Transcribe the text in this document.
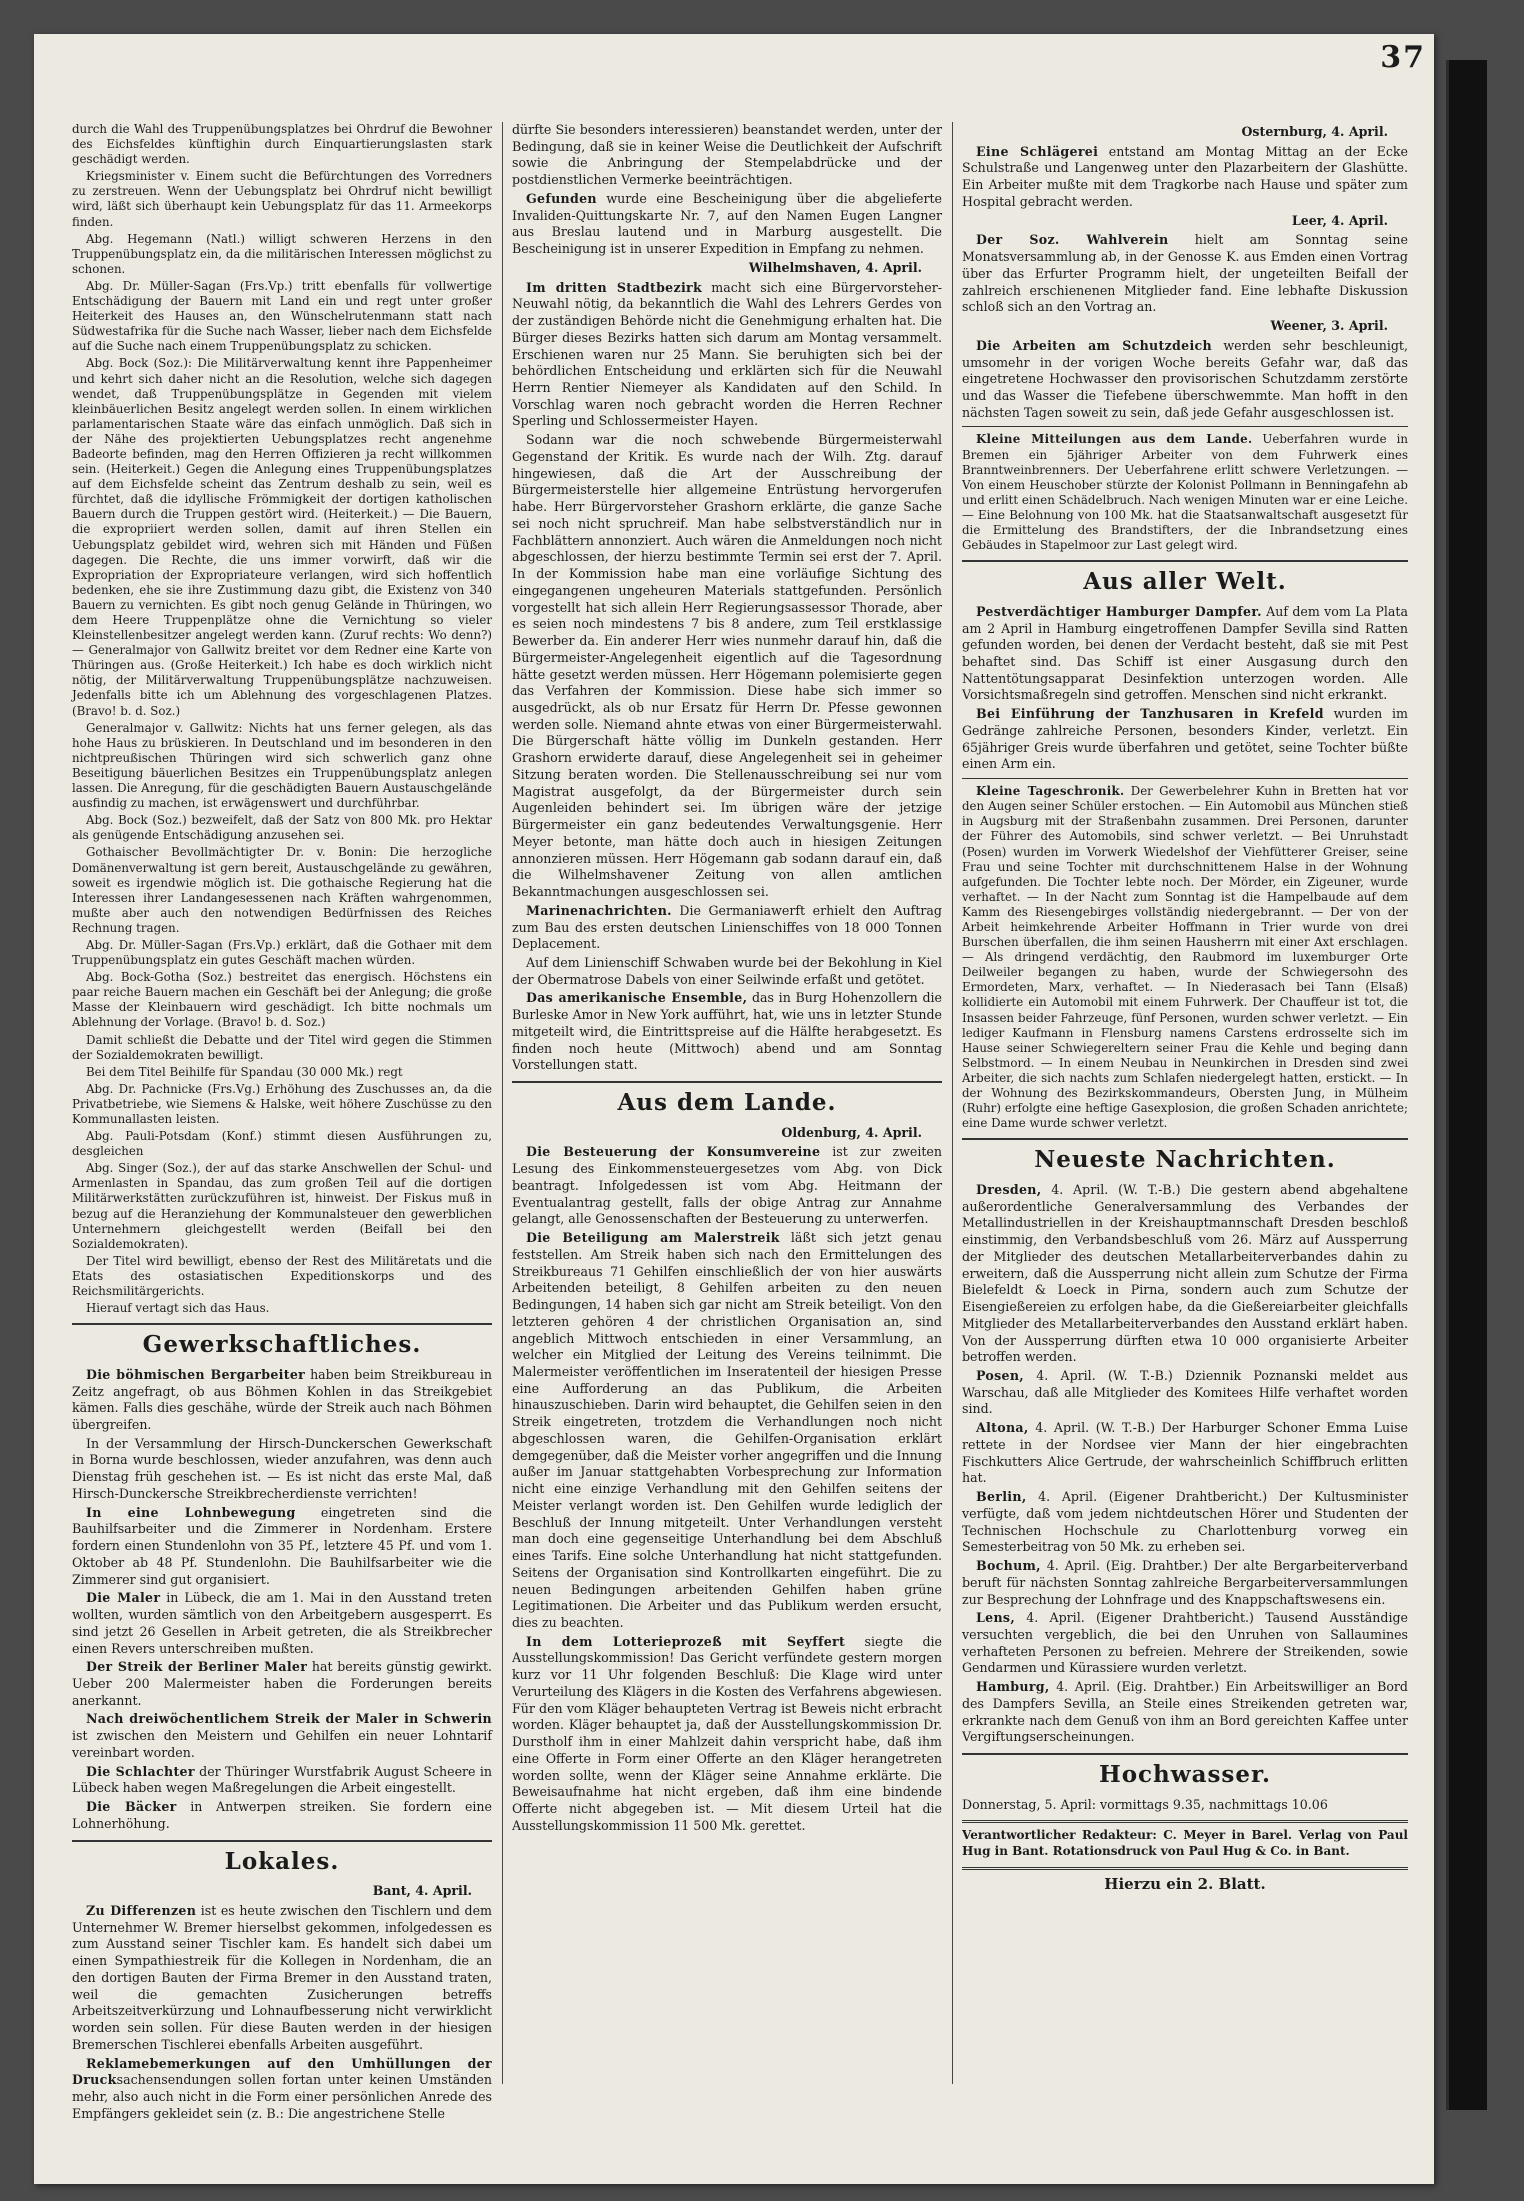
37

durch die Wahl des Truppenübungsplatzes bei Ohrdruf die Bewohner des Eichsfeldes künftighin durch Einquartierungslasten stark geschädigt werden.

Kriegsminister v. Einem sucht die Befürchtungen des Vorredners zu zerstreuen. Wenn der Uebungsplatz bei Ohrdruf nicht bewilligt wird, läßt sich überhaupt kein Uebungsplatz für das 11. Armeekorps finden.

Abg. Hegemann (Natl.) willigt schweren Herzens in den Truppenübungsplatz ein, da die militärischen Interessen möglichst zu schonen.

Abg. Dr. Müller-Sagan (Frs.Vp.) tritt ebenfalls für vollwertige Entschädigung der Bauern mit Land ein und regt unter großer Heiterkeit des Hauses an, den Wünschelrutenmann statt nach Südwestafrika für die Suche nach Wasser, lieber nach dem Eichsfelde auf die Suche nach einem Truppenübungsplatz zu schicken.

Abg. Bock (Soz.): Die Militärverwaltung kennt ihre Pappenheimer und kehrt sich daher nicht an die Resolution, welche sich dagegen wendet, daß Truppenübungsplätze in Gegenden mit vielem kleinbäuerlichen Besitz angelegt werden sollen. In einem wirklichen parlamentarischen Staate wäre das einfach unmöglich. Daß sich in der Nähe des projektierten Uebungsplatzes recht angenehme Badeorte befinden, mag den Herren Offizieren ja recht willkommen sein. (Heiterkeit.) Gegen die Anlegung eines Truppenübungsplatzes auf dem Eichsfelde scheint das Zentrum deshalb zu sein, weil es fürchtet, daß die idyllische Frömmigkeit der dortigen katholischen Bauern durch die Truppen gestört wird. (Heiterkeit.) — Die Bauern, die expropriiert werden sollen, damit auf ihren Stellen ein Uebungsplatz gebildet wird, wehren sich mit Händen und Füßen dagegen. Die Rechte, die uns immer vorwirft, daß wir die Expropriation der Expropriateure verlangen, wird sich hoffentlich bedenken, ehe sie ihre Zustimmung dazu gibt, die Existenz von 340 Bauern zu vernichten. Es gibt noch genug Gelände in Thüringen, wo dem Heere Truppenplätze ohne die Vernichtung so vieler Kleinstellenbesitzer angelegt werden kann. (Zuruf rechts: Wo denn?) — Generalmajor von Gallwitz breitet vor dem Redner eine Karte von Thüringen aus. (Große Heiterkeit.) Ich habe es doch wirklich nicht nötig, der Militärverwaltung Truppenübungsplätze nachzuweisen. Jedenfalls bitte ich um Ablehnung des vorgeschlagenen Platzes. (Bravo! b. d. Soz.)

Generalmajor v. Gallwitz: Nichts hat uns ferner gelegen, als das hohe Haus zu brüskieren. In Deutschland und im besonderen in den nichtpreußischen Thüringen wird sich schwerlich ganz ohne Beseitigung bäuerlichen Besitzes ein Truppenübungsplatz anlegen lassen. Die Anregung, für die geschädigten Bauern Austauschgelände ausfindig zu machen, ist erwägenswert und durchführbar.

Abg. Bock (Soz.) bezweifelt, daß der Satz von 800 Mk. pro Hektar als genügende Entschädigung anzusehen sei.

Gothaischer Bevollmächtigter Dr. v. Bonin: Die herzogliche Domänenverwaltung ist gern bereit, Austauschgelände zu gewähren, soweit es irgendwie möglich ist. Die gothaische Regierung hat die Interessen ihrer Landangesessenen nach Kräften wahrgenommen, mußte aber auch den notwendigen Bedürfnissen des Reiches Rechnung tragen.

Abg. Dr. Müller-Sagan (Frs.Vp.) erklärt, daß die Gothaer mit dem Truppenübungsplatz ein gutes Geschäft machen würden.

Abg. Bock-Gotha (Soz.) bestreitet das energisch. Höchstens ein paar reiche Bauern machen ein Geschäft bei der Anlegung; die große Masse der Kleinbauern wird geschädigt. Ich bitte nochmals um Ablehnung der Vorlage. (Bravo! b. d. Soz.)

Damit schließt die Debatte und der Titel wird gegen die Stimmen der Sozialdemokraten bewilligt.

Bei dem Titel Beihilfe für Spandau (30 000 Mk.) regt

Abg. Dr. Pachnicke (Frs.Vg.) Erhöhung des Zuschusses an, da die Privatbetriebe, wie Siemens & Halske, weit höhere Zuschüsse zu den Kommunallasten leisten.

Abg. Pauli-Potsdam (Konf.) stimmt diesen Ausführungen zu, desgleichen

Abg. Singer (Soz.), der auf das starke Anschwellen der Schul- und Armenlasten in Spandau, das zum großen Teil auf die dortigen Militärwerkstätten zurückzuführen ist, hinweist. Der Fiskus muß in bezug auf die Heranziehung der Kommunalsteuer den gewerblichen Unternehmern gleichgestellt werden (Beifall bei den Sozialdemokraten).

Der Titel wird bewilligt, ebenso der Rest des Militäretats und die Etats des ostasiatischen Expeditionskorps und des Reichsmilitärgerichts.

Hierauf vertagt sich das Haus.

Gewerkschaftliches.

Die böhmischen Bergarbeiter haben beim Streikbureau in Zeitz angefragt, ob aus Böhmen Kohlen in das Streikgebiet kämen. Falls dies geschähe, würde der Streik auch nach Böhmen übergreifen.

In der Versammlung der Hirsch-Dunckerschen Gewerkschaft in Borna wurde beschlossen, wieder anzufahren, was denn auch Dienstag früh geschehen ist. — Es ist nicht das erste Mal, daß Hirsch-Dunckersche Streikbrecherdienste verrichten!

In eine Lohnbewegung eingetreten sind die Bauhilfsarbeiter und die Zimmerer in Nordenham. Erstere fordern einen Stundenlohn von 35 Pf., letztere 45 Pf. und vom 1. Oktober ab 48 Pf. Stundenlohn. Die Bauhilfsarbeiter wie die Zimmerer sind gut organisiert.

Die Maler in Lübeck, die am 1. Mai in den Ausstand treten wollten, wurden sämtlich von den Arbeitgebern ausgesperrt. Es sind jetzt 26 Gesellen in Arbeit getreten, die als Streikbrecher einen Revers unterschreiben mußten.

Der Streik der Berliner Maler hat bereits günstig gewirkt. Ueber 200 Malermeister haben die Forderungen bereits anerkannt.

Nach dreiwöchentlichem Streik der Maler in Schwerin ist zwischen den Meistern und Gehilfen ein neuer Lohntarif vereinbart worden.

Die Schlachter der Thüringer Wurstfabrik August Scheere in Lübeck haben wegen Maßregelungen die Arbeit eingestellt.

Die Bäcker in Antwerpen streiken. Sie fordern eine Lohnerhöhung.

Lokales.

Bant, 4. April.

Zu Differenzen ist es heute zwischen den Tischlern und dem Unternehmer W. Bremer hierselbst gekommen, infolgedessen es zum Ausstand seiner Tischler kam. Es handelt sich dabei um einen Sympathiestreik für die Kollegen in Nordenham, die an den dortigen Bauten der Firma Bremer in den Ausstand traten, weil die gemachten Zusicherungen betreffs Arbeitszeitverkürzung und Lohnaufbesserung nicht verwirklicht worden sein sollen. Für diese Bauten werden in der hiesigen Bremerschen Tischlerei ebenfalls Arbeiten ausgeführt.

Reklamebemerkungen auf den Umhüllungen der Drucksachensendungen sollen fortan unter keinen Umständen mehr, also auch nicht in die Form einer persönlichen Anrede des Empfängers gekleidet sein (z. B.: Die angestrichene Stelle

dürfte Sie besonders interessieren) beanstandet werden, unter der Bedingung, daß sie in keiner Weise die Deutlichkeit der Aufschrift sowie die Anbringung der Stempelabdrücke und der postdienstlichen Vermerke beeinträchtigen.

Gefunden wurde eine Bescheinigung über die abgelieferte Invaliden-Quittungskarte Nr. 7, auf den Namen Eugen Langner aus Breslau lautend und in Marburg ausgestellt. Die Bescheinigung ist in unserer Expedition in Empfang zu nehmen.

Wilhelmshaven, 4. April.

Im dritten Stadtbezirk macht sich eine Bürgervorsteher-Neuwahl nötig, da bekanntlich die Wahl des Lehrers Gerdes von der zuständigen Behörde nicht die Genehmigung erhalten hat. Die Bürger dieses Bezirks hatten sich darum am Montag versammelt. Erschienen waren nur 25 Mann. Sie beruhigten sich bei der behördlichen Entscheidung und erklärten sich für die Neuwahl Herrn Rentier Niemeyer als Kandidaten auf den Schild. In Vorschlag waren noch gebracht worden die Herren Rechner Sperling und Schlossermeister Hayen.

Sodann war die noch schwebende Bürgermeisterwahl Gegenstand der Kritik. Es wurde nach der Wilh. Ztg. darauf hingewiesen, daß die Art der Ausschreibung der Bürgermeisterstelle hier allgemeine Entrüstung hervorgerufen habe. Herr Bürgervorsteher Grashorn erklärte, die ganze Sache sei noch nicht spruchreif. Man habe selbstverständlich nur in Fachblättern annonziert. Auch wären die Anmeldungen noch nicht abgeschlossen, der hierzu bestimmte Termin sei erst der 7. April. In der Kommission habe man eine vorläufige Sichtung des eingegangenen ungeheuren Materials stattgefunden. Persönlich vorgestellt hat sich allein Herr Regierungsassessor Thorade, aber es seien noch mindestens 7 bis 8 andere, zum Teil erstklassige Bewerber da. Ein anderer Herr wies nunmehr darauf hin, daß die Bürgermeister-Angelegenheit eigentlich auf die Tagesordnung hätte gesetzt werden müssen. Herr Högemann polemisierte gegen das Verfahren der Kommission. Diese habe sich immer so ausgedrückt, als ob nur Ersatz für Herrn Dr. Pfesse gewonnen werden solle. Niemand ahnte etwas von einer Bürgermeisterwahl. Die Bürgerschaft hätte völlig im Dunkeln gestanden. Herr Grashorn erwiderte darauf, diese Angelegenheit sei in geheimer Sitzung beraten worden. Die Stellenausschreibung sei nur vom Magistrat ausgefolgt, da der Bürgermeister durch sein Augenleiden behindert sei. Im übrigen wäre der jetzige Bürgermeister ein ganz bedeutendes Verwaltungsgenie. Herr Meyer betonte, man hätte doch auch in hiesigen Zeitungen annonzieren müssen. Herr Högemann gab sodann darauf ein, daß die Wilhelmshavener Zeitung von allen amtlichen Bekanntmachungen ausgeschlossen sei.

Marinenachrichten. Die Germaniawerft erhielt den Auftrag zum Bau des ersten deutschen Linienschiffes von 18 000 Tonnen Deplacement.

Auf dem Linienschiff Schwaben wurde bei der Bekohlung in Kiel der Obermatrose Dabels von einer Seilwinde erfaßt und getötet.

Das amerikanische Ensemble, das in Burg Hohenzollern die Burleske Amor in New York aufführt, hat, wie uns in letzter Stunde mitgeteilt wird, die Eintrittspreise auf die Hälfte herabgesetzt. Es finden noch heute (Mittwoch) abend und am Sonntag Vorstellungen statt.

Aus dem Lande.

Oldenburg, 4. April.

Die Besteuerung der Konsumvereine ist zur zweiten Lesung des Einkommensteuergesetzes vom Abg. von Dick beantragt. Infolgedessen ist vom Abg. Heitmann der Eventualantrag gestellt, falls der obige Antrag zur Annahme gelangt, alle Genossenschaften der Besteuerung zu unterwerfen.

Die Beteiligung am Malerstreik läßt sich jetzt genau feststellen. Am Streik haben sich nach den Ermittelungen des Streikbureaus 71 Gehilfen einschließlich der von hier auswärts Arbeitenden beteiligt, 8 Gehilfen arbeiten zu den neuen Bedingungen, 14 haben sich gar nicht am Streik beteiligt. Von den letzteren gehören 4 der christlichen Organisation an, sind angeblich Mittwoch entschieden in einer Versammlung, an welcher ein Mitglied der Leitung des Vereins teilnimmt. Die Malermeister veröffentlichen im Inseratenteil der hiesigen Presse eine Aufforderung an das Publikum, die Arbeiten hinauszuschieben. Darin wird behauptet, die Gehilfen seien in den Streik eingetreten, trotzdem die Verhandlungen noch nicht abgeschlossen waren, die Gehilfen-Organisation erklärt demgegenüber, daß die Meister vorher angegriffen und die Innung außer im Januar stattgehabten Vorbesprechung zur Information nicht eine einzige Verhandlung mit den Gehilfen seitens der Meister verlangt worden ist. Den Gehilfen wurde lediglich der Beschluß der Innung mitgeteilt. Unter Verhandlungen versteht man doch eine gegenseitige Unterhandlung bei dem Abschluß eines Tarifs. Eine solche Unterhandlung hat nicht stattgefunden. Seitens der Organisation sind Kontrollkarten eingeführt. Die zu neuen Bedingungen arbeitenden Gehilfen haben grüne Legitimationen. Die Arbeiter und das Publikum werden ersucht, dies zu beachten.

In dem Lotterieprozeß mit Seyffert siegte die Ausstellungskommission! Das Gericht verfündete gestern morgen kurz vor 11 Uhr folgenden Beschluß: Die Klage wird unter Verurteilung des Klägers in die Kosten des Verfahrens abgewiesen. Für den vom Kläger behaupteten Vertrag ist Beweis nicht erbracht worden. Kläger behauptet ja, daß der Ausstellungskommission Dr. Durstholf ihm in einer Mahlzeit dahin verspricht habe, daß ihm eine Offerte in Form einer Offerte an den Kläger herangetreten worden sollte, wenn der Kläger seine Annahme erklärte. Die Beweisaufnahme hat nicht ergeben, daß ihm eine bindende Offerte nicht abgegeben ist. — Mit diesem Urteil hat die Ausstellungskommission 11 500 Mk. gerettet.

Osternburg, 4. April.

Eine Schlägerei entstand am Montag Mittag an der Ecke Schulstraße und Langenweg unter den Plazarbeitern der Glashütte. Ein Arbeiter mußte mit dem Tragkorbe nach Hause und später zum Hospital gebracht werden.

Leer, 4. April.

Der Soz. Wahlverein hielt am Sonntag seine Monatsversammlung ab, in der Genosse K. aus Emden einen Vortrag über das Erfurter Programm hielt, der ungeteilten Beifall der zahlreich erschienenen Mitglieder fand. Eine lebhafte Diskussion schloß sich an den Vortrag an.

Weener, 3. April.

Die Arbeiten am Schutzdeich werden sehr beschleunigt, umsomehr in der vorigen Woche bereits Gefahr war, daß das eingetretene Hochwasser den provisorischen Schutzdamm zerstörte und das Wasser die Tiefebene überschwemmte. Man hofft in den nächsten Tagen soweit zu sein, daß jede Gefahr ausgeschlossen ist.

Kleine Mitteilungen aus dem Lande. Ueberfahren wurde in Bremen ein 5jähriger Arbeiter von dem Fuhrwerk eines Branntweinbrenners. Der Ueberfahrene erlitt schwere Verletzungen. — Von einem Heuschober stürzte der Kolonist Pollmann in Benningafehn ab und erlitt einen Schädelbruch. Nach wenigen Minuten war er eine Leiche. — Eine Belohnung von 100 Mk. hat die Staatsanwaltschaft ausgesetzt für die Ermittelung des Brandstifters, der die Inbrandsetzung eines Gebäudes in Stapelmoor zur Last gelegt wird.

Aus aller Welt.

Pestverdächtiger Hamburger Dampfer. Auf dem vom La Plata am 2 April in Hamburg eingetroffenen Dampfer Sevilla sind Ratten gefunden worden, bei denen der Verdacht besteht, daß sie mit Pest behaftet sind. Das Schiff ist einer Ausgasung durch den Nattentötungsapparat Desinfektion unterzogen worden. Alle Vorsichtsmaßregeln sind getroffen. Menschen sind nicht erkrankt.

Bei Einführung der Tanzhusaren in Krefeld wurden im Gedränge zahlreiche Personen, besonders Kinder, verletzt. Ein 65jähriger Greis wurde überfahren und getötet, seine Tochter büßte einen Arm ein.

Kleine Tageschronik. Der Gewerbelehrer Kuhn in Bretten hat vor den Augen seiner Schüler erstochen. — Ein Automobil aus München stieß in Augsburg mit der Straßenbahn zusammen. Drei Personen, darunter der Führer des Automobils, sind schwer verletzt. — Bei Unruhstadt (Posen) wurden im Vorwerk Wiedelshof der Viehfütterer Greiser, seine Frau und seine Tochter mit durchschnittenem Halse in der Wohnung aufgefunden. Die Tochter lebte noch. Der Mörder, ein Zigeuner, wurde verhaftet. — In der Nacht zum Sonntag ist die Hampelbaude auf dem Kamm des Riesengebirges vollständig niedergebrannt. — Der von der Arbeit heimkehrende Arbeiter Hoffmann in Trier wurde von drei Burschen überfallen, die ihm seinen Hausherrn mit einer Axt erschlagen. — Als dringend verdächtig, den Raubmord im luxemburger Orte Deilweiler begangen zu haben, wurde der Schwiegersohn des Ermordeten, Marx, verhaftet. — In Niederasach bei Tann (Elsaß) kollidierte ein Automobil mit einem Fuhrwerk. Der Chauffeur ist tot, die Insassen beider Fahrzeuge, fünf Personen, wurden schwer verletzt. — Ein lediger Kaufmann in Flensburg namens Carstens erdrosselte sich im Hause seiner Schwiegereltern seiner Frau die Kehle und beging dann Selbstmord. — In einem Neubau in Neunkirchen in Dresden sind zwei Arbeiter, die sich nachts zum Schlafen niedergelegt hatten, erstickt. — In der Wohnung des Bezirkskommandeurs, Obersten Jung, in Mülheim (Ruhr) erfolgte eine heftige Gasexplosion, die großen Schaden anrichtete; eine Dame wurde schwer verletzt.

Neueste Nachrichten.

Dresden, 4. April. (W. T.-B.) Die gestern abend abgehaltene außerordentliche Generalversammlung des Verbandes der Metallindustriellen in der Kreishauptmannschaft Dresden beschloß einstimmig, den Verbandsbeschluß vom 26. März auf Aussperrung der Mitglieder des deutschen Metallarbeiterverbandes dahin zu erweitern, daß die Aussperrung nicht allein zum Schutze der Firma Bielefeldt & Loeck in Pirna, sondern auch zum Schutze der Eisengießereien zu erfolgen habe, da die Gießereiarbeiter gleichfalls Mitglieder des Metallarbeiterverbandes den Ausstand erklärt haben. Von der Aussperrung dürften etwa 10 000 organisierte Arbeiter betroffen werden.

Posen, 4. April. (W. T.-B.) Dziennik Poznanski meldet aus Warschau, daß alle Mitglieder des Komitees Hilfe verhaftet worden sind.

Altona, 4. April. (W. T.-B.) Der Harburger Schoner Emma Luise rettete in der Nordsee vier Mann der hier eingebrachten Fischkutters Alice Gertrude, der wahrscheinlich Schiffbruch erlitten hat.

Berlin, 4. April. (Eigener Drahtbericht.) Der Kultusminister verfügte, daß vom jedem nichtdeutschen Hörer und Studenten der Technischen Hochschule zu Charlottenburg vorweg ein Semesterbeitrag von 50 Mk. zu erheben sei.

Bochum, 4. April. (Eig. Drahtber.) Der alte Bergarbeiterverband beruft für nächsten Sonntag zahlreiche Bergarbeiterversammlungen zur Besprechung der Lohnfrage und des Knappschaftswesens ein.

Lens, 4. April. (Eigener Drahtbericht.) Tausend Ausständige versuchten vergeblich, die bei den Unruhen von Sallaumines verhafteten Personen zu befreien. Mehrere der Streikenden, sowie Gendarmen und Kürassiere wurden verletzt.

Hamburg, 4. April. (Eig. Drahtber.) Ein Arbeitswilliger an Bord des Dampfers Sevilla, an Steile eines Streikenden getreten war, erkrankte nach dem Genuß von ihm an Bord gereichten Kaffee unter Vergiftungserscheinungen.

Hochwasser.

Donnerstag, 5. April: vormittags 9.35, nachmittags 10.06

Verantwortlicher Redakteur: C. Meyer in Barel. Verlag von Paul Hug in Bant. Rotationsdruck von Paul Hug & Co. in Bant.

Hierzu ein 2. Blatt.
